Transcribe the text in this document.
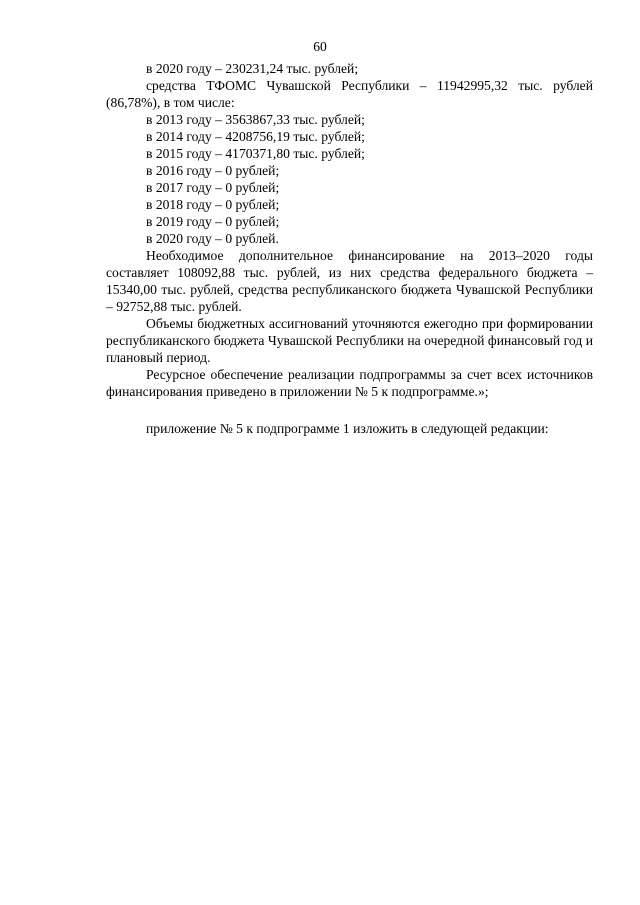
60
в 2020 году – 230231,24 тыс. рублей;

средства ТФОМС Чувашской Республики – 11942995,32 тыс. рублей (86,78%), в том числе:

в 2013 году – 3563867,33 тыс. рублей;
в 2014 году – 4208756,19 тыс. рублей;
в 2015 году – 4170371,80 тыс. рублей;
в 2016 году – 0 рублей;
в 2017 году – 0 рублей;
в 2018 году – 0 рублей;
в 2019 году – 0 рублей;
в 2020 году – 0 рублей.

Необходимое дополнительное финансирование на 2013–2020 годы составляет 108092,88 тыс. рублей, из них средства федерального бюджета – 15340,00 тыс. рублей, средства республиканского бюджета Чувашской Республики – 92752,88 тыс. рублей.

Объемы бюджетных ассигнований уточняются ежегодно при формировании республиканского бюджета Чувашской Республики на очередной финансовый год и плановый период.

Ресурсное обеспечение реализации подпрограммы за счет всех источников финансирования приведено в приложении № 5 к подпрограмме.»;

приложение № 5 к подпрограмме 1 изложить в следующей редакции:
